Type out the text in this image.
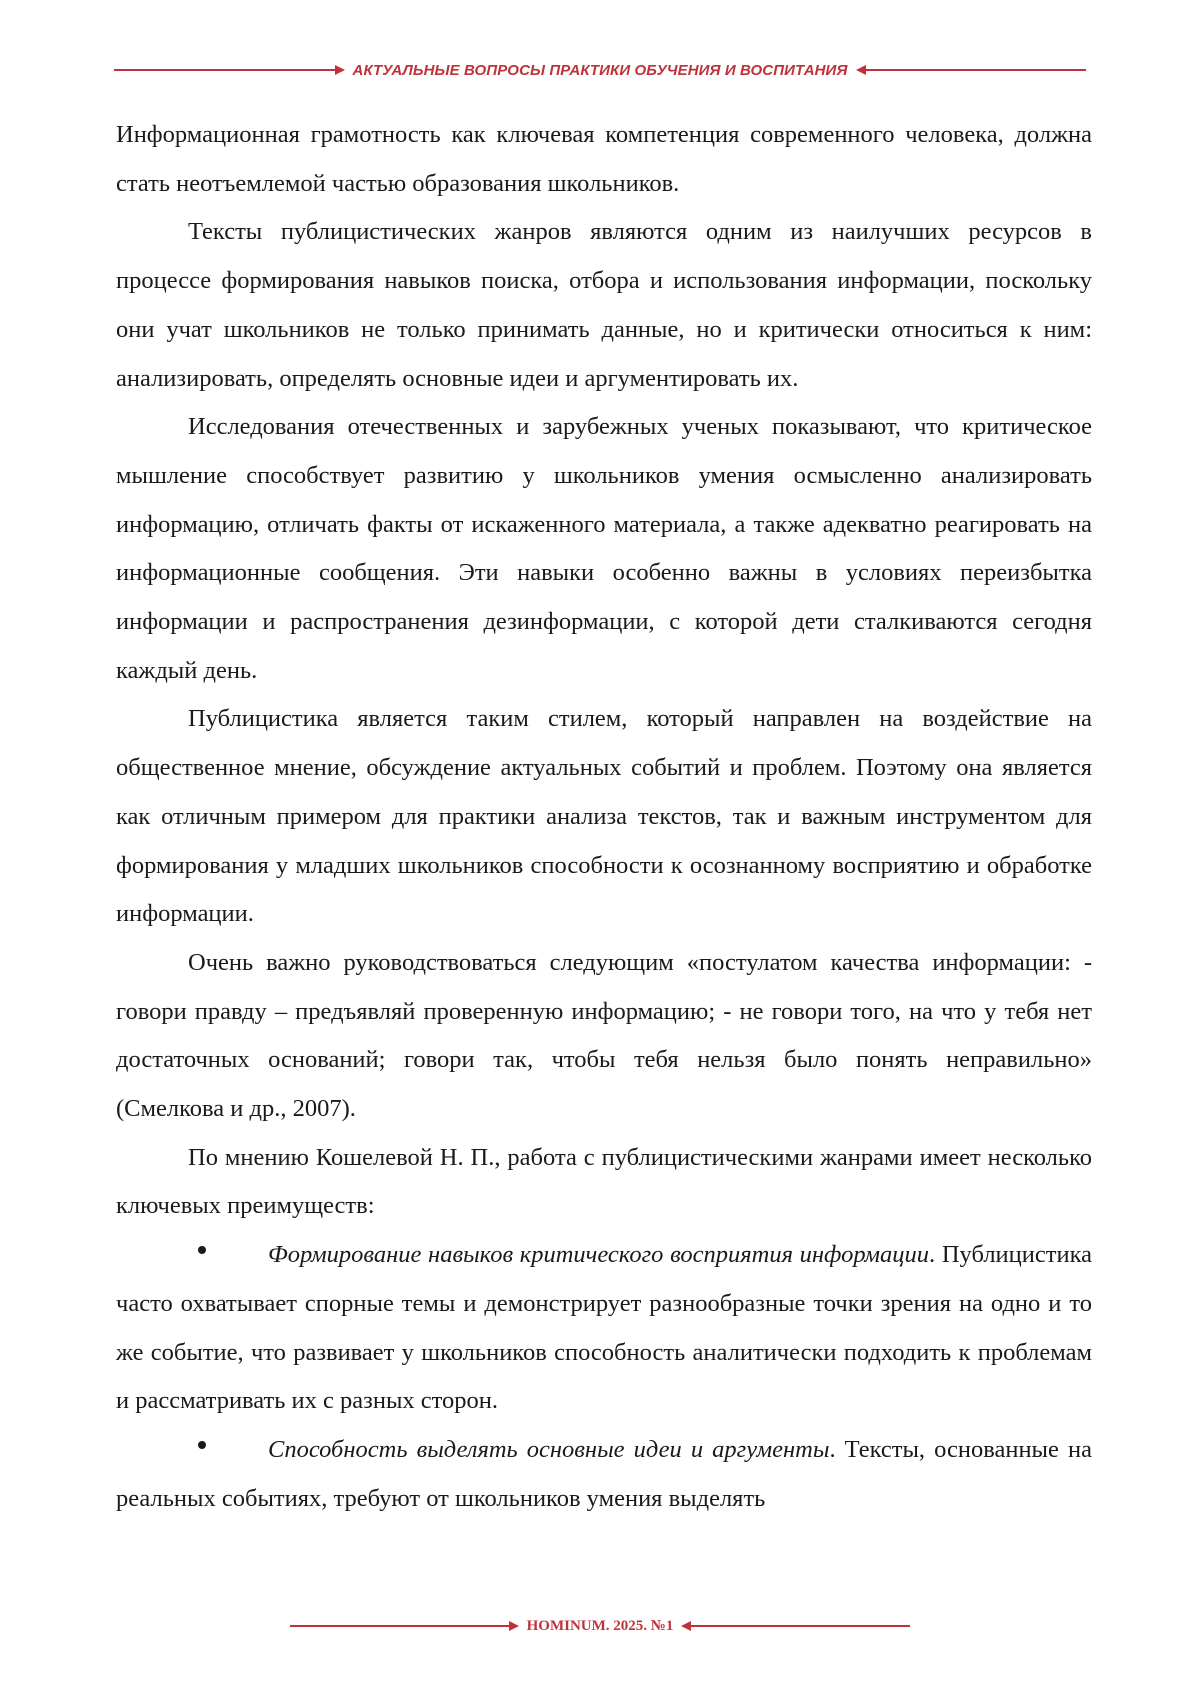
АКТУАЛЬНЫЕ ВОПРОСЫ ПРАКТИКИ ОБУЧЕНИЯ И ВОСПИТАНИЯ

Информационная грамотность как ключевая компетенция современного человека, должна стать неотъемлемой частью образования школьников.

Тексты публицистических жанров являются одним из наилучших ресурсов в процессе формирования навыков поиска, отбора и использования информации, поскольку они учат школьников не только принимать данные, но и критически относиться к ним: анализировать, определять основные идеи и аргументировать их.

Исследования отечественных и зарубежных ученых показывают, что критическое мышление способствует развитию у школьников умения осмысленно анализировать информацию, отличать факты от искаженного материала, а также адекватно реагировать на информационные сообщения. Эти навыки особенно важны в условиях переизбытка информации и распространения дезинформации, с которой дети сталкиваются сегодня каждый день.

Публицистика является таким стилем, который направлен на воздействие на общественное мнение, обсуждение актуальных событий и проблем. Поэтому она является как отличным примером для практики анализа текстов, так и важным инструментом для формирования у младших школьников способности к осознанному восприятию и обработке информации.

Очень важно руководствоваться следующим «постулатом качества информации: - говори правду – предъявляй проверенную информацию; - не говори того, на что у тебя нет достаточных оснований; говори так, чтобы тебя нельзя было понять неправильно» (Смелкова и др., 2007).

По мнению Кошелевой Н. П., работа с публицистическими жанрами имеет несколько ключевых преимуществ:

Формирование навыков критического восприятия информации. Публицистика часто охватывает спорные темы и демонстрирует разнообразные точки зрения на одно и то же событие, что развивает у школьников способность аналитически подходить к проблемам и рассматривать их с разных сторон.

Способность выделять основные идеи и аргументы. Тексты, основанные на реальных событиях, требуют от школьников умения выделять

HOMINUM. 2025. №1
